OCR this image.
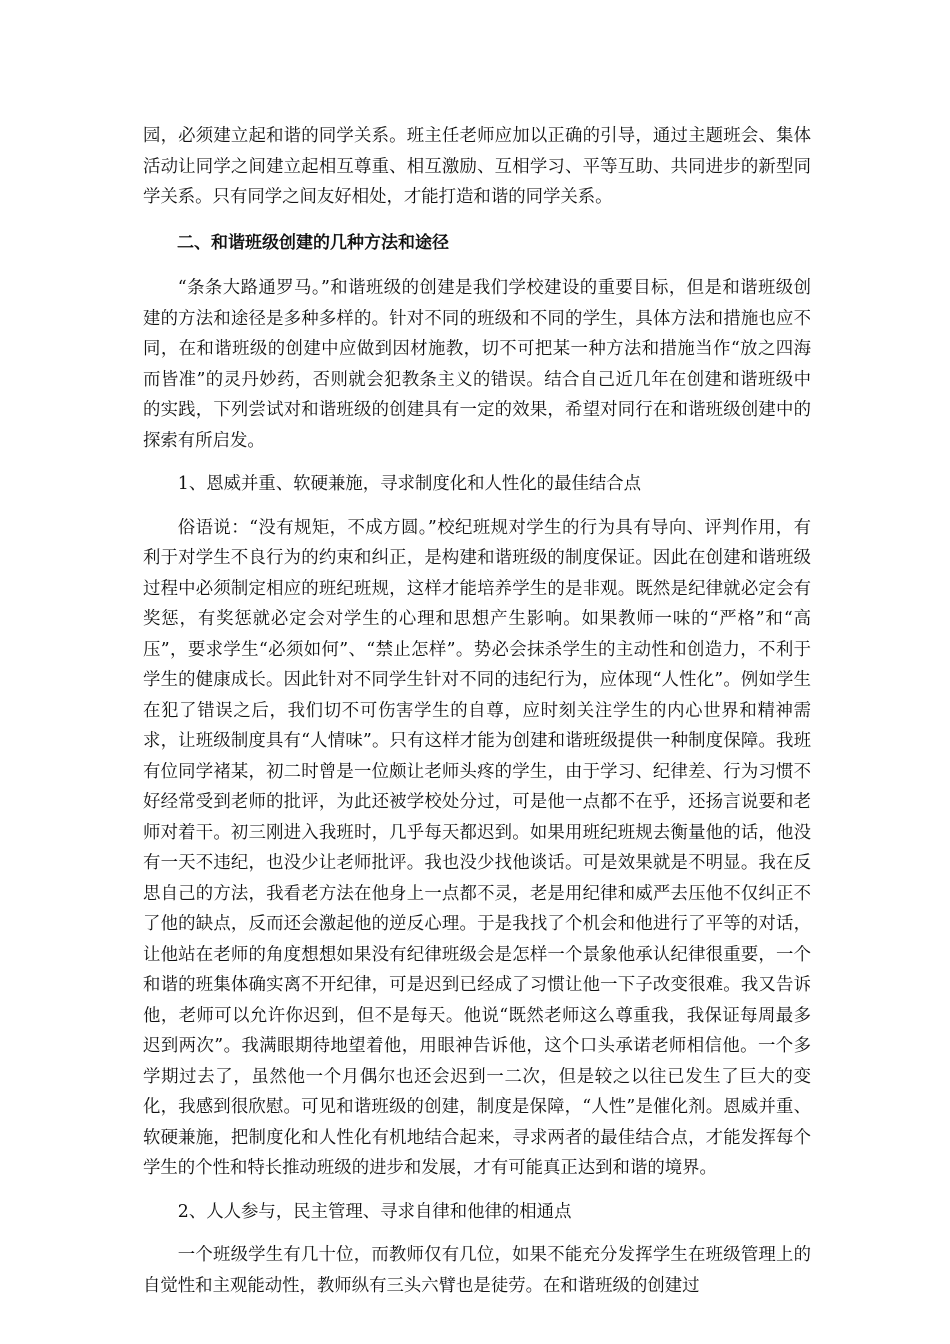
园，必须建立起和谐的同学关系。班主任老师应加以正确的引导，通过主题班会、集体活动让同学之间建立起相互尊重、相互激励、互相学习、平等互助、共同进步的新型同学关系。只有同学之间友好相处，才能打造和谐的同学关系。

二、和谐班级创建的几种方法和途径

“条条大路通罗马。”和谐班级的创建是我们学校建设的重要目标，但是和谐班级创建的方法和途径是多种多样的。针对不同的班级和不同的学生，具体方法和措施也应不同，在和谐班级的创建中应做到因材施教，切不可把某一种方法和措施当作“放之四海而皆准”的灵丹妙药，否则就会犯教条主义的错误。结合自己近几年在创建和谐班级中的实践，下列尝试对和谐班级的创建具有一定的效果，希望对同行在和谐班级创建中的探索有所启发。

1、恩威并重、软硬兼施，寻求制度化和人性化的最佳结合点

俗语说：“没有规矩，不成方圆。”校纪班规对学生的行为具有导向、评判作用，有利于对学生不良行为的约束和纠正，是构建和谐班级的制度保证。因此在创建和谐班级过程中必须制定相应的班纪班规，这样才能培养学生的是非观。既然是纪律就必定会有奖惩，有奖惩就必定会对学生的心理和思想产生影响。如果教师一味的“严格”和“高压”，要求学生“必须如何”、“禁止怎样”。势必会抹杀学生的主动性和创造力，不利于学生的健康成长。因此针对不同学生针对不同的违纪行为，应体现“人性化”。例如学生在犯了错误之后，我们切不可伤害学生的自尊，应时刻关注学生的内心世界和精神需求，让班级制度具有“人情味”。只有这样才能为创建和谐班级提供一种制度保障。我班有位同学褚某，初二时曾是一位颇让老师头疼的学生，由于学习、纪律差、行为习惯不好经常受到老师的批评，为此还被学校处分过，可是他一点都不在乎，还扬言说要和老师对着干。初三刚进入我班时，几乎每天都迟到。如果用班纪班规去衡量他的话，他没有一天不违纪，也没少让老师批评。我也没少找他谈话。可是效果就是不明显。我在反思自己的方法，我看老方法在他身上一点都不灵，老是用纪律和威严去压他不仅纠正不了他的缺点，反而还会激起他的逆反心理。于是我找了个机会和他进行了平等的对话，让他站在老师的角度想想如果没有纪律班级会是怎样一个景象他承认纪律很重要，一个和谐的班集体确实离不开纪律，可是迟到已经成了习惯让他一下子改变很难。我又告诉他，老师可以允许你迟到，但不是每天。他说“既然老师这么尊重我，我保证每周最多迟到两次”。我满眼期待地望着他，用眼神告诉他，这个口头承诺老师相信他。一个多学期过去了，虽然他一个月偶尔也还会迟到一二次，但是较之以往已发生了巨大的变化，我感到很欣慰。可见和谐班级的创建，制度是保障，“人性”是催化剂。恩威并重、软硬兼施，把制度化和人性化有机地结合起来，寻求两者的最佳结合点，才能发挥每个学生的个性和特长推动班级的进步和发展，才有可能真正达到和谐的境界。

2、人人参与，民主管理、寻求自律和他律的相通点

一个班级学生有几十位，而教师仅有几位，如果不能充分发挥学生在班级管理上的自觉性和主观能动性，教师纵有三头六臂也是徒劳。在和谐班级的创建过
